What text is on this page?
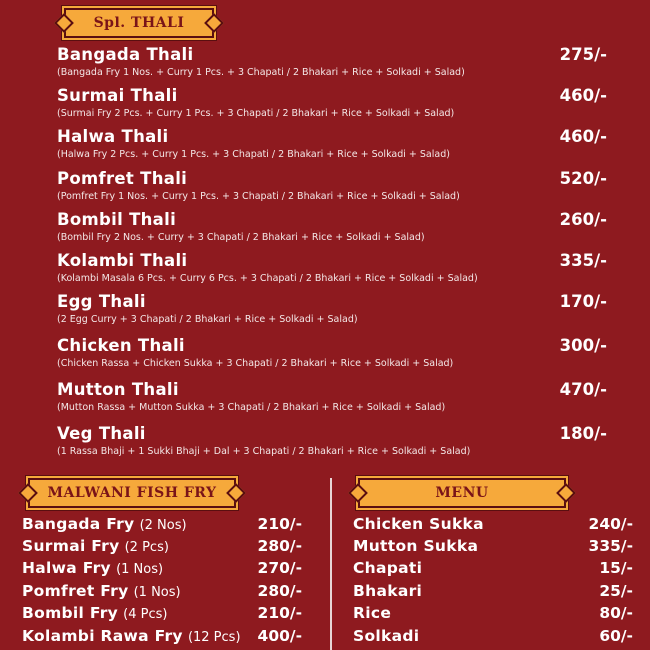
Spl. THALI
Bangada Thali
(Bangada Fry 1 Nos. + Curry 1 Pcs. + 3 Chapati / 2 Bhakari + Rice + Solkadi + Salad)
275/-
Surmai Thali
(Surmai Fry 2 Pcs. + Curry 1 Pcs. + 3 Chapati / 2 Bhakari + Rice + Solkadi + Salad)
460/-
Halwa Thali
(Halwa Fry 2 Pcs. + Curry 1 Pcs. + 3 Chapati / 2 Bhakari + Rice + Solkadi + Salad)
460/-
Pomfret Thali
(Pomfret Fry 1 Nos. + Curry 1 Pcs. + 3 Chapati / 2 Bhakari + Rice + Solkadi + Salad)
520/-
Bombil Thali
(Bombil Fry 2 Nos. + Curry + 3 Chapati / 2 Bhakari + Rice + Solkadi + Salad)
260/-
Kolambi Thali
(Kolambi Masala 6 Pcs. + Curry 6 Pcs. + 3 Chapati / 2 Bhakari + Rice + Solkadi + Salad)
335/-
Egg Thali
(2 Egg Curry + 3 Chapati / 2 Bhakari + Rice + Solkadi + Salad)
170/-
Chicken Thali
(Chicken Rassa + Chicken Sukka + 3 Chapati / 2 Bhakari + Rice + Solkadi + Salad)
300/-
Mutton Thali
(Mutton Rassa + Mutton Sukka + 3 Chapati / 2 Bhakari + Rice + Solkadi + Salad)
470/-
Veg Thali
(1 Rassa Bhaji + 1 Sukki Bhaji + Dal + 3 Chapati / 2 Bhakari + Rice + Solkadi + Salad)
180/-
MALWANI FISH FRY	MENU
Bangada Fry (2 Nos)	210/-
Surmai Fry (2 Pcs)	280/-
Halwa Fry (1 Nos)	270/-
Pomfret Fry (1 Nos)	280/-
Bombil Fry (4 Pcs)	210/-
Kolambi Rawa Fry (12 Pcs) 400/-
Chicken Sukka	240/-
Mutton Sukka	335/-
Chapati	15/-
Bhakari	25/-
Rice	80/-
Solkadi	60/-
